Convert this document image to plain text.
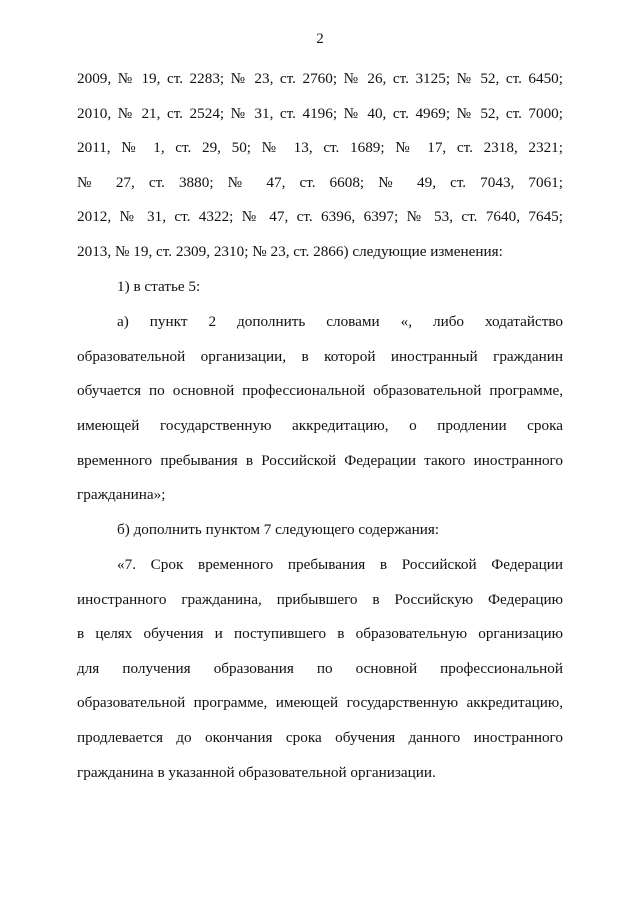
2
2009, № 19, ст. 2283; № 23, ст. 2760; № 26, ст. 3125; № 52, ст. 6450;
2010, № 21, ст. 2524; № 31, ст. 4196; № 40, ст. 4969; № 52, ст. 7000;
2011, № 1, ст. 29, 50; № 13, ст. 1689; № 17, ст. 2318, 2321;
№ 27, ст. 3880; № 47, ст. 6608; № 49, ст. 7043, 7061;
2012, № 31, ст. 4322; № 47, ст. 6396, 6397; № 53, ст. 7640, 7645;
2013, № 19, ст. 2309, 2310; № 23, ст. 2866) следующие изменения:
1) в статье 5:
а) пункт 2 дополнить словами «, либо ходатайство
образовательной организации, в которой иностранный гражданин
обучается по основной профессиональной образовательной программе,
имеющей государственную аккредитацию, о продлении срока
временного пребывания в Российской Федерации такого иностранного
гражданина»;
б) дополнить пунктом 7 следующего содержания:
«7. Срок временного пребывания в Российской Федерации
иностранного гражданина, прибывшего в Российскую Федерацию
в целях обучения и поступившего в образовательную организацию
для получения образования по основной профессиональной
образовательной программе, имеющей государственную аккредитацию,
продлевается до окончания срока обучения данного иностранного
гражданина в указанной образовательной организации.
